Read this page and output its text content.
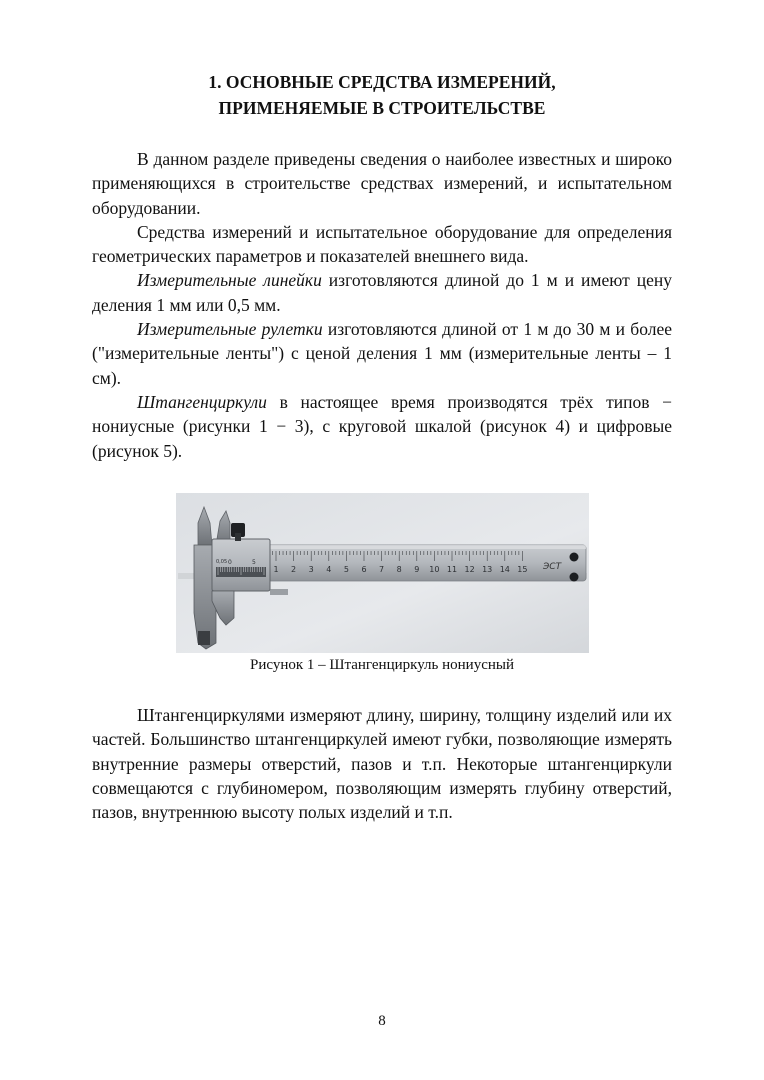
1. ОСНОВНЫЕ СРЕДСТВА ИЗМЕРЕНИЙ,
ПРИМЕНЯЕМЫЕ В СТРОИТЕЛЬСТВЕ

В данном разделе приведены сведения о наиболее известных и широко применяющихся в строительстве средствах измерений, и испытательном оборудовании.

Средства измерений и испытательное оборудование для определения геометрических параметров и показателей внешнего вида.

Измерительные линейки изготовляются длиной до 1 м и имеют цену деления 1 мм или 0,5 мм.

Измерительные рулетки изготовляются длиной от 1 м до 30 м и более ("измерительные ленты") с ценой деления 1 мм (измерительные ленты – 1 см).

Штангенциркули в настоящее время производятся трёх типов − нониусные (рисунки 1 − 3), с круговой шкалой (рисунок 4) и цифровые (рисунок 5).

0,05 0	5
1 2 3 4 5 6 7 8 9 10 11 12 13 14 15 ЭСТ

Рисунок 1 – Штангенциркуль нониусный

Штангенциркулями измеряют длину, ширину, толщину изделий или их частей. Большинство штангенциркулей имеют губки, позволяющие измерять внутренние размеры отверстий, пазов и т.п. Некоторые штангенциркули совмещаются с глубиномером, позволяющим измерять глубину отверстий, пазов, внутреннюю высоту полых изделий и т.п.

8
